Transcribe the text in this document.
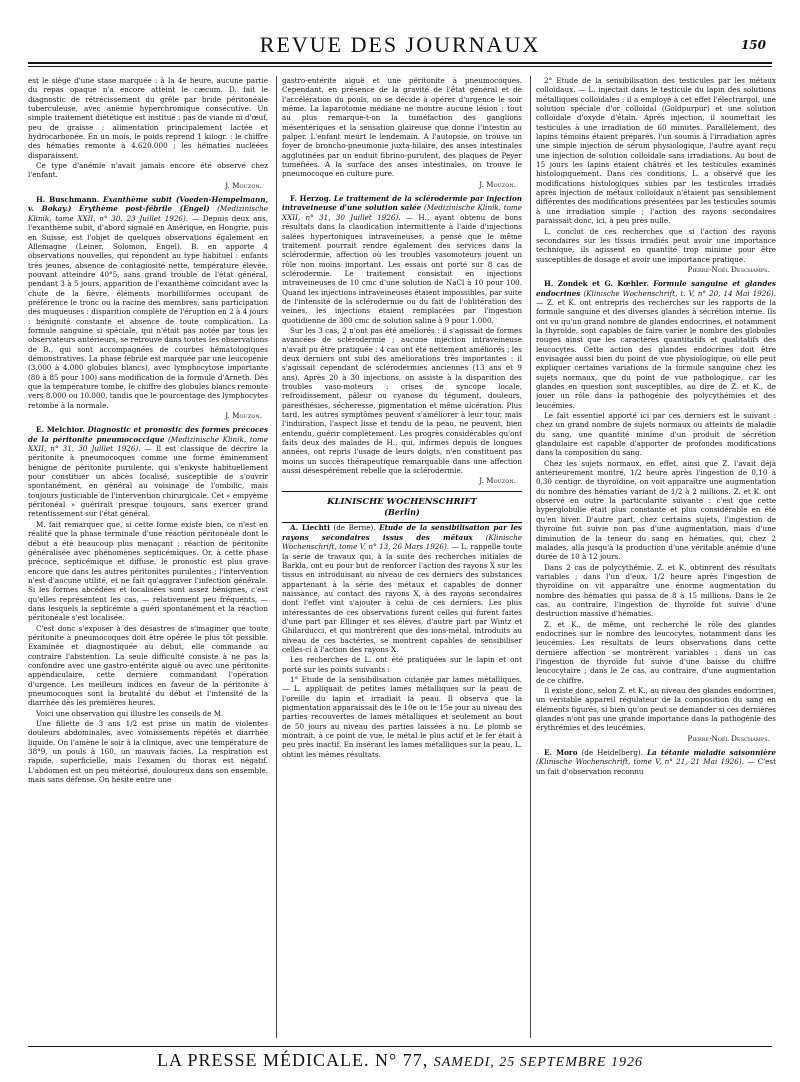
REVUE DES JOURNAUX	150

est le siège d'une stase marquée : à la 4e heure, aucune partie du repas opaque n'a encore atteint le cæcum. D. fait le diagnostic de rétrécissement du grêle par bride péritonéale tuberculeuse, avec anémie hyperchromique consécutive. Un simple traitement diététique est institué : pas de viande ni d'œuf, peu de graisse : alimentation principalement lactée et hydrocarbonée. En un mois, le poids reprend 1 kilogr. : le chiffre des hématies remonte à 4.620.000 ; les hématies nucléées disparaissent.

Ce type d'anémie n'avait jamais encore été observé chez l'enfant.

J. Mouzon.

H. Buschmann. Exanthème subit (Voeden-Hempelmann, v. Bokay.) Erythème post-fébrile (Engel) (Medizinische Klinik, tome XXII, n° 30, 23 Juillet 1926). — Depuis deux ans, l'exanthème subit, d'abord signalé en Amérique, en Hongrie, puis en Suisse, est l'objet de quelques observations également en Allemagne (Leiner, Solomon, Engel). B. en apporte 4 observations nouvelles, qui répondent au type habituel : enfants très jeunes, absence de contagiosité nette, température élevée, pouvant atteindre 40°5, sans grand trouble de l'état général, pendant 3 à 5 jours, apparition de l'exanthème coïncidant avec la chute de la fièvre, éléments morbilliformes occupant de préférence le tronc ou la racine des membres, sans participation des muqueuses : disparition complète de l'éruption en 2 à 4 jours : bénignité constante et absence de toute complication. La formule sanguine si spéciale, qui n'était pas notée par tous les observateurs antérieurs, se retrouve dans toutes les observations de B., qui sont accompagnées de courbes hématologiques démonstratives. La phase fébrile est marquée par une leucopénie (3.000 à 4.000 globules blancs), avec lymphocytose importante (80 à 85 pour 100) sans modification de la formule d'Arneth. Dès que la température tombe, le chiffre des globules blancs remonte vers 8.000 ou 10.000, tandis que le pourcentage des lymphocytes retombe à la normale.

J. Mouzon.

E. Melchior. Diagnostic et pronostic des formes précoces de la péritonite pneumococcique (Medizinische Klinik, tome XXII, n° 31, 30 Juillet 1926). — Il est classique de décrire la péritonite à pneumocoques comme une forme éminemment bénigne de péritonite purulente, qui s'enkyste habituellement pour constituer un abcès localisé, susceptible de s'ouvrir spontanément, en général au voisinage de l'ombilic, mais toujours justiciable de l'intervention chirurgicale. Cet « empyème péritonéal » guérirait presque toujours, sans exercer grand retentissement sur l'état général.

M. fait remarquer que, si cette forme existe bien, ce n'est en réalité que la phase terminale d'une réaction péritonéale dont le début a été beaucoup plus menaçant : réaction de péritonite généralisée avec phénomènes septicémiques. Or, à cette phase précoce, septicémique et diffuse, le pronostic est plus grave encore que dans les autres péritonites purulentes ; l'intervention n'est d'aucune utilité, et ne fait qu'aggraver l'infection générale. Si les formes abcédées et localisées sont assez bénignes, c'est qu'elles représentent les cas, — relativement peu fréquents, — dans lesquels la septicémie a guéri spontanément et la réaction péritonéale s'est localisée.

C'est donc s'exposer à des désastres de s'imaginer que toute péritonite à pneumocoques doit être opérée le plus tôt possible. Examinée et diagnostiquée au début, elle commande au contraire l'abstention. La seule difficulté consiste à ne pas la confondre avec une gastro-entérite aiguë ou avec une péritonite appendiculaire, cette dernière commandant l'opération d'urgence. Les meilleurs indices en faveur de la péritonite à pneumocoques sont la brutalité du début et l'intensité de la diarrhée dès les premières heures.

Voici une observation qui illustre les conseils de M.

Une fillette de 3 ans 1/2 est prise un matin de violentes douleurs abdominales, avec vomissements répétés et diarrhée liquide. On l'amène le soir à la clinique, avec une température de 38°9, un pouls à 160, un mauvais faciès. La respiration est rapide, superficielle, mais l'examen du thorax est négatif. L'abdomen est un peu météorisé, douloureux dans son ensemble, mais sans défense. On hésite entre une

gastro-entérite aiguë et une péritonite à pneumocoques. Cependant, en présence de la gravité de l'état général et de l'accélération du pouls, on se décide à opérer d'urgence le soir même. La laparotomie médiane ne montre aucune lésion : tout au plus remarque-t-on la tuméfaction des ganglions mésentériques et la sensation glaireuse que donne l'intestin au palper. L'enfant meurt le lendemain. A l'autopsie, on trouve un foyer de broncho-pneumonie juxta-hilaire, des anses intestinales agglutinées par un enduit fibrino-purulent, des plaques de Peyer tuméfiées. A la surface des anses intestinales, on trouve le pneumocoque en culture pure.

J. Mouzon.

F. Herzog. Le traitement de la sclérodermie par injection intraveineuse d'une solution salée (Medizinische Klinik, tome XXII, n° 31, 30 Juillet 1926). — H., ayant obtenu de bons résultats dans la claudication intermittente à l'aide d'injections salées hypertoniques intraveineuses, a pensé que le même traitement pourrait rendre également des services dans la sclérodermie, affection où les troubles vasomoteurs jouent un rôle non moins important. Les essais ont porté sur 8 cas de sclérodermie. Le traitement consistait en injections intraveineuses de 10 cmc d'une solution de NaCl à 10 pour 100. Quand les injections intraveineuses étaient impossibles, par suite de l'intensité de la sclérodermie ou du fait de l'oblitération des veines, les injections étaient remplacées par l'ingestion quotidienne de 300 cmc de solution saline à 9 pour 1.000.

Sur les 3 cas, 2 n'ont pas été améliorés : il s'agissait de formes avancées de sclérodermie ; aucune injection intraveineuse n'avait pu être pratiquée : 4 cas ont été nettement améliorés ; les deux derniers ont subi des améliorations très importantes : il s'agissait cependant de sclérodermies anciennes (13 ans et 9 ans). Après 20 à 30 injections, on assiste à la disparition des troubles vaso-moteurs : crises de syncope locale, refroidissement, pâleur ou cyanose du tégument, douleurs, paresthésies, sécheresse, pigmentation et même ulcération. Plus tard, les autres symptômes peuvent s'améliorer à leur tour, mais l'induration, l'aspect lisse et tendu de la peau, ne peuvent, bien entendu, guérir complètement. Les progrès considérables qu'ont faits deux des malades de H., qui, infirmes depuis de longues années, ont repris l'usage de leurs doigts, n'en constituent pas moins un succès thérapeutique remarquable dans une affection aussi désespérément rebelle que la sclérodermie.

J. Mouzon.

KLINISCHE WOCHENSCHRIFT

(Berlin)

A. Liechti (de Berne). Etude de la sensibilisation par les rayons secondaires issus des métaux (Klinische Wochenschrift, tome V, n° 13, 26 Mars 1926). — L. rappelle toute la série de travaux qui, à la suite des recherches initiales de Barkla, ont eu pour but de renforcer l'action des rayons X sur les tissus en introduisant au niveau de ces derniers des substances appartenant à la série des métaux et capables de donner naissance, au contact des rayons X, à des rayons secondaires dont l'effet vint s'ajouter à celui de ces derniers. Les plus intéressantes de ces observations furent celles qui furent faites d'une part par Ellinger et ses élèves, d'autre part par Wintz et Ghilarducci, et qui montrèrent que des ions-métal, introduits au niveau de ces bactéries, se montrent capables de sensibiliser celles-ci à l'action des rayons X.

Les recherches de L. ont été pratiquées sur le lapin et ont porté sur les points suivants :

1° Etude de la sensibilisation cutanée par lames métalliques. — L. appliquait de petites lames métalliques sur la peau de l'oreille du lapin et irradiait la peau. Il observa que la pigmentation apparaissait dès le 10e ou le 15e jour au niveau des parties recouvertes de lames métalliques et seulement au bout de 50 jours au niveau des parties laissées à nu. Le plomb se montrait, à ce point de vue, le métal le plus actif et le fer était à peu près inactif. En insérant les lames métalliques sur la peau, L. obtint les mêmes résultats.

2° Etude de la sensibilisation des testicules par les métaux colloïdaux. — L. injectait dans le testicule du lapin des solutions métalliques colloïdales : il a employé à cet effet l'électrargol, une solution spéciale d'or colloïdal (Goldpurpur) et une solution colloïdale d'oxyde d'étain. Après injection, il soumettait les testicules à une irradiation de 60 minutes. Parallèlement, des lapins témoins étaient préparés, l'un soumis à l'irradiation après une simple injection de sérum physiologique, l'autre ayant reçu une injection de solution colloïdale sans irradiations. Au bout de 15 jours les lapins étaient châtrés et les testicules examinés histologiquement. Dans ces conditions, L. a observé que les modifications histologiques subies par les testicules irradiés après injection de métaux colloïdaux n'étaient pas sensiblement différentes des modifications présentées par les testicules soumis à une irradiation simple ; l'action des rayons secondaires paraissait donc, ici, à peu près nulle.

L. conclut de ces recherches que si l'action des rayons secondaires sur les tissus irradiés peut avoir une importance technique, ils agissent en quantité trop minime pour être susceptibles de dosage et avoir une importance pratique.

Pierre-Noël Deschamps.

H. Zondek et G. Kœhler. Formule sanguine et glandes endocrines (Klinische Wochenschrift, t. V, n° 20, 14 Mai 1926). — Z. et K. ont entrepris des recherches sur les rapports de la formule sanguine et des diverses glandes à sécrétion interne. Ils ont vu qu'un grand nombre de glandes endocrines, et notamment la thyroïde, sont capables de faire varier le nombre des globules rouges ainsi que les caractères quantitatifs et qualitatifs des leucocytes. Cette action des glandes endocrines doit être envisagée aussi bien du point de vue physiologique, où elle peut expliquer certaines variations de la formule sanguine chez les sujets normaux, que du point de vue pathologique, car les glandes en question sont susceptibles, au dire de Z. et K., de jouer un rôle dans la pathogénie des polycythémies et des leucémies.

Le fait essentiel apporté ici par ces derniers est le suivant : chez un grand nombre de sujets normaux ou atteints de maladie du sang, une quantité minime d'un produit de sécrétion glandulaire est capable d'apporter de profondes modifications dans la composition du sang.

Chez les sujets normaux, en effet, ainsi que Z. l'avait déjà antérieurement montré, 1/2 heure après l'ingestion de 0,10 à 0,30 centigr. de thyroïdine, on voit apparaître une augmentation du nombre des hématies variant de 1/2 à 2 millions. Z. et K. ont observé en outre la particularité suivante : c'est que cette hyperglobulie était plus constante et plus considérable en été qu'en hiver. D'autre part, chez certains sujets, l'ingestion de thyroïne fut suivie non pas d'une augmentation, mais d'une diminution de la teneur du sang en hématies, qui, chez 2 malades, alla jusqu'à la production d'une véritable anémie d'une durée de 10 à 12 jours.

Dans 2 cas de polycythémie, Z. et K. obtinrent des résultats variables ; dans l'un d'eux, 1/2 heure après l'ingestion de thyroïdine on vit apparaître une énorme augmentation du nombre des hématies qui passa de 8 à 15 millions. Dans le 2e cas, au contraire, l'ingestion de thyroïde fut suivie d'une destruction massive d'hématies.

Z. et K., de même, ont recherché le rôle des glandes endocrines sur le nombre des leucocytes, notamment dans les leucémies. Les résultats de leurs observations dans cette dernière affection se montrèrent variables : dans un cas l'ingestion de thyroïde fut suivie d'une baisse du chiffre leucocytaire ; dans le 2e cas, au contraire, d'une augmentation de ce chiffre.

Il existe donc, selon Z. et K., au niveau des glandes endocrines, un véritable appareil régulateur de la composition du sang en éléments figurés, si bien qu'on peut se demander si ces dernières glandes n'ont pas une grande importance dans la pathogénie des érythrémies et des leucémies.

Pierre-Noël Deschamps.

E. Moro (de Heidelberg). La tétanie maladie saisonnière (Klinische Wochenschrift, tome V, n° 21, 21 Mai 1926). — C'est un fait d'observation reconnu

LA PRESSE MÉDICALE. N° 77, SAMEDI, 25 SEPTEMBRE 1926
